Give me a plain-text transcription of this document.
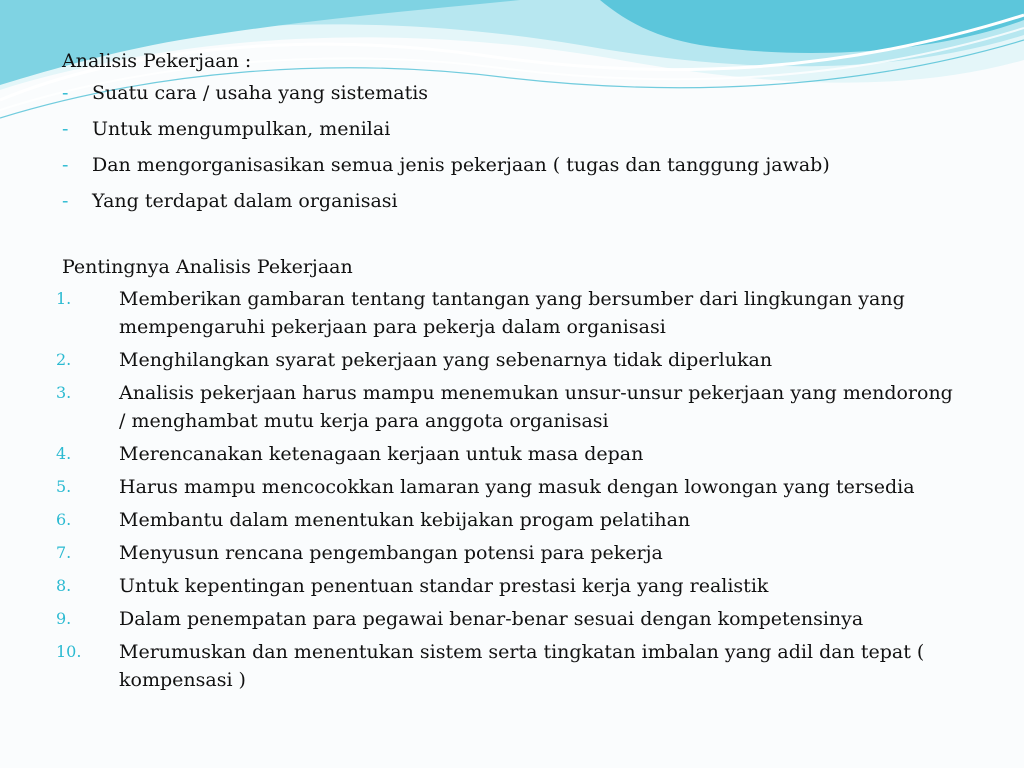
Analisis Pekerjaan :

- Suatu cara / usaha yang sistematis
- Untuk mengumpulkan, menilai
- Dan mengorganisasikan semua jenis pekerjaan ( tugas dan tanggung jawab)
- Yang terdapat dalam organisasi

Pentingnya Analisis Pekerjaan

1.	Memberikan gambaran tentang tantangan yang bersumber dari lingkungan yang mempengaruhi pekerjaan para pekerja dalam organisasi
2.	Menghilangkan syarat pekerjaan yang sebenarnya tidak diperlukan
3.	Analisis pekerjaan harus mampu menemukan unsur-unsur pekerjaan yang mendorong / menghambat mutu kerja para anggota organisasi
4.	Merencanakan ketenagaan kerjaan untuk masa depan
5.	Harus mampu mencocokkan lamaran yang masuk dengan lowongan yang tersedia
6.	Membantu dalam menentukan kebijakan progam pelatihan
7.	Menyusun rencana pengembangan potensi para pekerja
8.	Untuk kepentingan penentuan standar prestasi kerja yang realistik
9.	Dalam penempatan para pegawai benar-benar sesuai dengan kompetensinya
10. Merumuskan dan menentukan sistem serta tingkatan imbalan yang adil dan tepat ( kompensasi )
